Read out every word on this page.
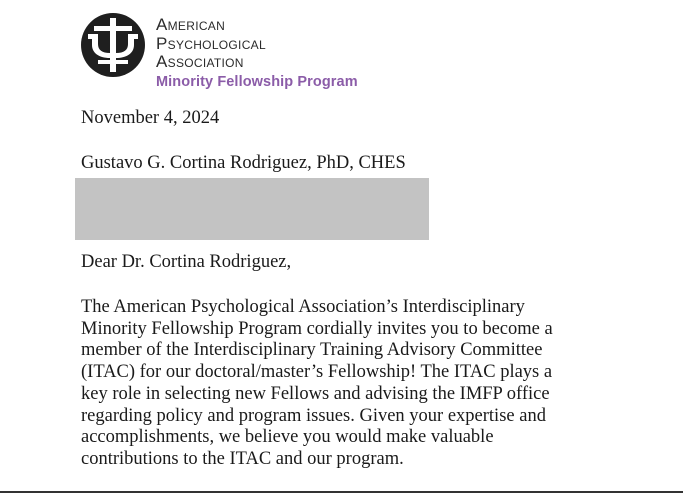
American
Psychological
Association
Minority Fellowship Program
November 4, 2024
Gustavo G. Cortina Rodriguez, PhD, CHES
Dear Dr. Cortina Rodriguez,
The American Psychological Association’s Interdisciplinary
Minority Fellowship Program cordially invites you to become a
member of the Interdisciplinary Training Advisory Committee
(ITAC) for our doctoral/master’s Fellowship! The ITAC plays a
key role in selecting new Fellows and advising the IMFP office
regarding policy and program issues. Given your expertise and
accomplishments, we believe you would make valuable
contributions to the ITAC and our program.
